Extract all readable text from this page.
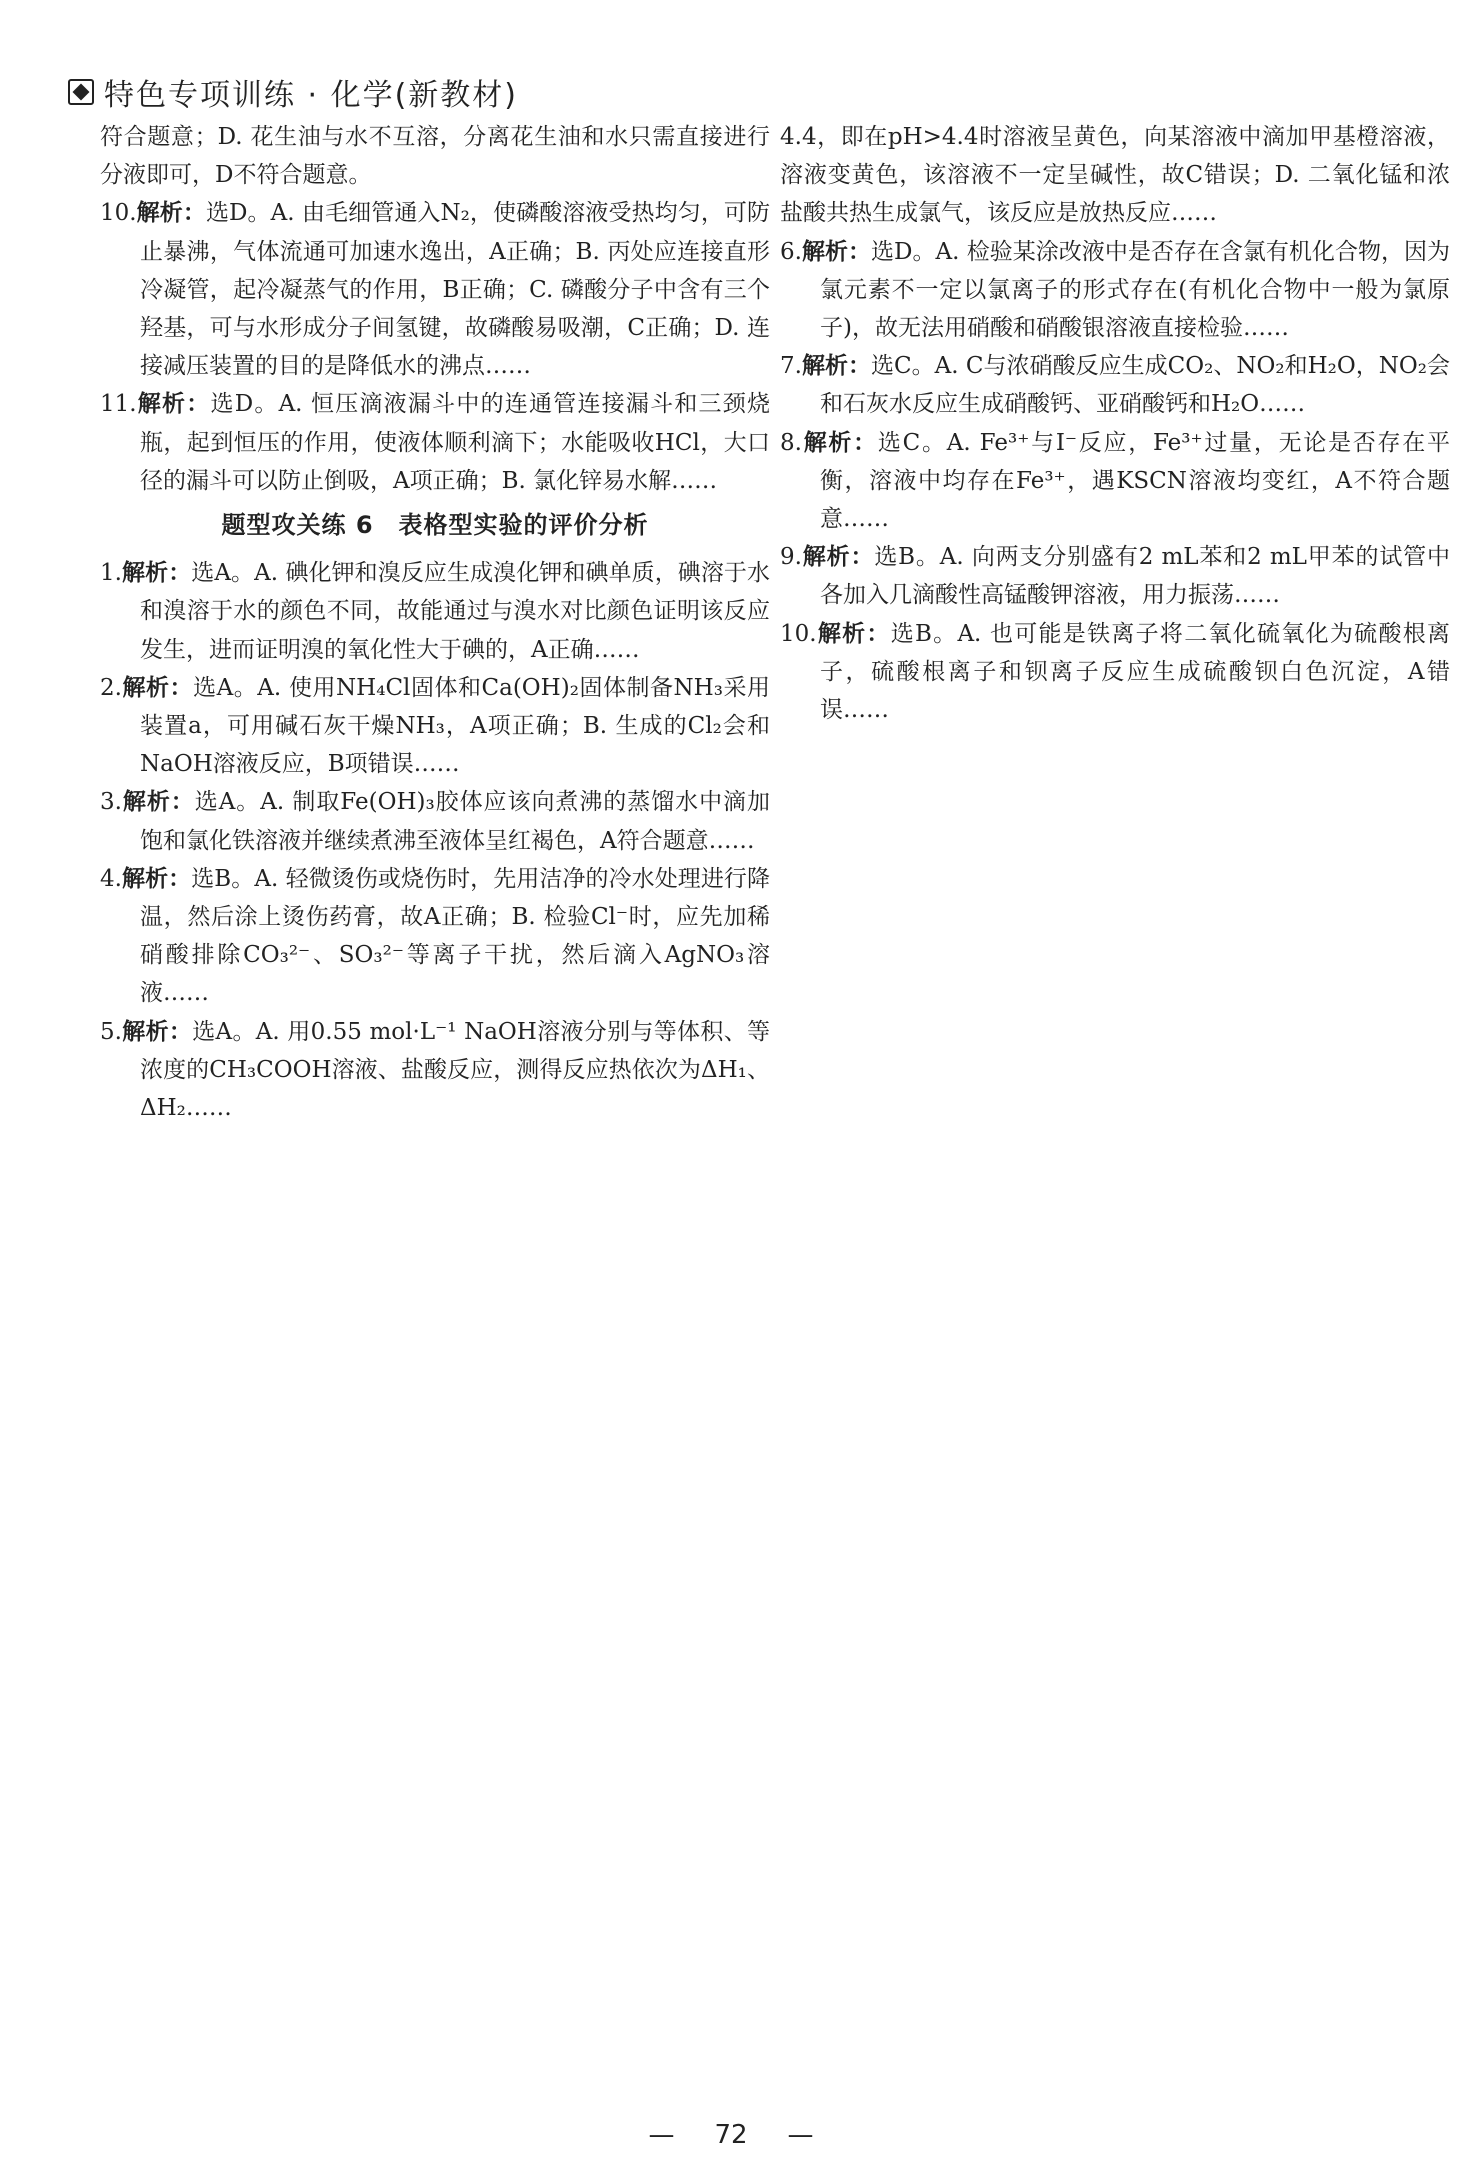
特色专项训练 · 化学(新教材)

符合题意；D. 花生油与水不互溶，分离花生油和水只需直接进行分液即可，D不符合题意。

10.解析：选D。A. 由毛细管通入N₂，使磷酸溶液受热均匀，可防止暴沸，气体流通可加速水逸出，A正确；B. 丙处应连接直形冷凝管，起冷凝蒸气的作用，B正确；C. 磷酸分子中含有三个羟基，可与水形成分子间氢键，故磷酸易吸潮，C正确；D. 连接减压装置的目的是降低水的沸点……

11.解析：选D。A. 恒压滴液漏斗中的连通管连接漏斗和三颈烧瓶，起到恒压的作用，使液体顺利滴下；水能吸收HCl，大口径的漏斗可以防止倒吸，A项正确；B. 氯化锌易水解……

题型攻关练 6　表格型实验的评价分析

1.解析：选A。A. 碘化钾和溴反应生成溴化钾和碘单质，碘溶于水和溴溶于水的颜色不同，故能通过与溴水对比颜色证明该反应发生，进而证明溴的氧化性大于碘的，A正确……

2.解析：选A。A. 使用NH₄Cl固体和Ca(OH)₂固体制备NH₃采用装置a，可用碱石灰干燥NH₃，A项正确；B. 生成的Cl₂会和NaOH溶液反应，B项错误……

3.解析：选A。A. 制取Fe(OH)₃胶体应该向煮沸的蒸馏水中滴加饱和氯化铁溶液并继续煮沸至液体呈红褐色，A符合题意……

4.解析：选B。A. 轻微烫伤或烧伤时，先用洁净的冷水处理进行降温，然后涂上烫伤药膏，故A正确；B. 检验Cl⁻时，应先加稀硝酸排除CO₃²⁻、SO₃²⁻等离子干扰，然后滴入AgNO₃溶液……

5.解析：选A。A. 用0.55 mol·L⁻¹ NaOH溶液分别与等体积、等浓度的CH₃COOH溶液、盐酸反应，测得反应热依次为ΔH₁、ΔH₂……

4.4，即在pH>4.4时溶液呈黄色，向某溶液中滴加甲基橙溶液，溶液变黄色，该溶液不一定呈碱性，故C错误；D. 二氧化锰和浓盐酸共热生成氯气，该反应是放热反应……

6.解析：选D。A. 检验某涂改液中是否存在含氯有机化合物，因为氯元素不一定以氯离子的形式存在(有机化合物中一般为氯原子)，故无法用硝酸和硝酸银溶液直接检验……

7.解析：选C。A. C与浓硝酸反应生成CO₂、NO₂和H₂O，NO₂会和石灰水反应生成硝酸钙、亚硝酸钙和H₂O……

8.解析：选C。A. Fe³⁺与I⁻反应，Fe³⁺过量，无论是否存在平衡，溶液中均存在Fe³⁺，遇KSCN溶液均变红，A不符合题意……

9.解析：选B。A. 向两支分别盛有2 mL苯和2 mL甲苯的试管中各加入几滴酸性高锰酸钾溶液，用力振荡……

10.解析：选B。A. 也可能是铁离子将二氧化硫氧化为硫酸根离子，硫酸根离子和钡离子反应生成硫酸钡白色沉淀，A错误……

— 72 —
